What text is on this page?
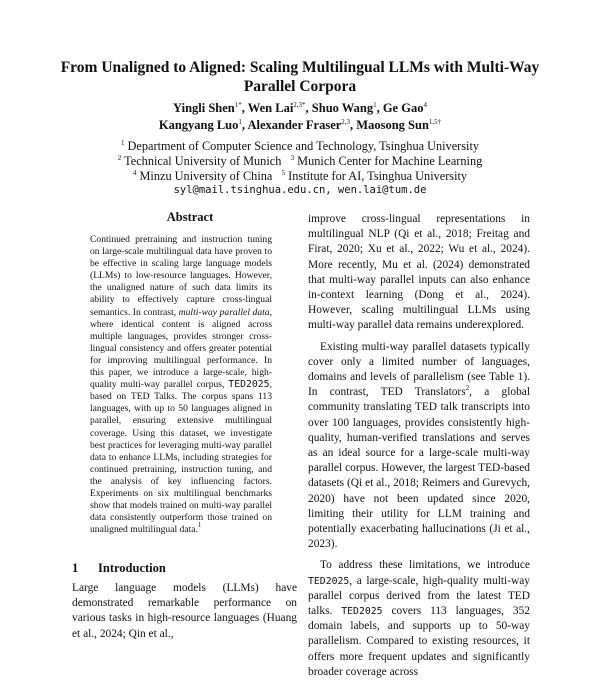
From Unaligned to Aligned: Scaling Multilingual LLMs with Multi-Way Parallel Corpora
Yingli Shen$^{1*}$, Wen Lai$^{2,3*}$, Shuo Wang$^1$, Ge Gao$^4$
Kangyang Luo$^1$, Alexander Fraser$^{2,3}$, Maosong Sun$^{1,5\dagger}$
$^1$ Department of Computer Science and Technology, Tsinghua University
$^2$ Technical University of Munich $^3$ Munich Center for Machine Learning
$^4$ Minzu University of China $^5$ Institute for AI, Tsinghua University
syl@mail.tsinghua.edu.cn, wen.lai@tum.de
Abstract

Continued pretraining and instruction tuning on large-scale multilingual data have proven to be effective in scaling large language models (LLMs) to low-resource languages. However, the unaligned nature of such data limits its ability to effectively capture cross-lingual semantics. In contrast, multi-way parallel data, where identical content is aligned across multiple languages, provides stronger cross-lingual consistency and offers greater potential for improving multilingual performance. In this paper, we introduce a large-scale, high-quality multi-way parallel corpus, TED2025, based on TED Talks. The corpus spans 113 languages, with up to 50 languages aligned in parallel, ensuring extensive multilingual coverage. Using this dataset, we investigate best practices for leveraging multi-way parallel data to enhance LLMs, including strategies for continued pretraining, instruction tuning, and the analysis of key influencing factors. Experiments on six multilingual benchmarks show that models trained on multi-way parallel data consistently outperform those trained on unaligned multilingual data.$^1$

1 Introduction

Large language models (LLMs) have demonstrated remarkable performance on various tasks in high-resource languages (Huang et al., 2024; Qin et al.,

improve cross-lingual representations in multilingual NLP (Qi et al., 2018; Freitag and Firat, 2020; Xu et al., 2022; Wu et al., 2024). More recently, Mu et al. (2024) demonstrated that multi-way parallel inputs can also enhance in-context learning (Dong et al., 2024). However, scaling multilingual LLMs using multi-way parallel data remains underexplored.

Existing multi-way parallel datasets typically cover only a limited number of languages, domains and levels of parallelism (see Table 1). In contrast, TED Translators$^2$, a global community translating TED talk transcripts into over 100 languages, provides consistently high-quality, human-verified translations and serves as an ideal source for a large-scale multi-way parallel corpus. However, the largest TED-based datasets (Qi et al., 2018; Reimers and Gurevych, 2020) have not been updated since 2020, limiting their utility for LLM training and potentially exacerbating hallucinations (Ji et al., 2023).

To address these limitations, we introduce TED2025, a large-scale, high-quality multi-way parallel corpus derived from the latest TED talks. TED2025 covers 113 languages, 352 domain labels, and supports up to 50-way parallelism. Compared to existing resources, it offers more frequent updates and significantly broader coverage across
